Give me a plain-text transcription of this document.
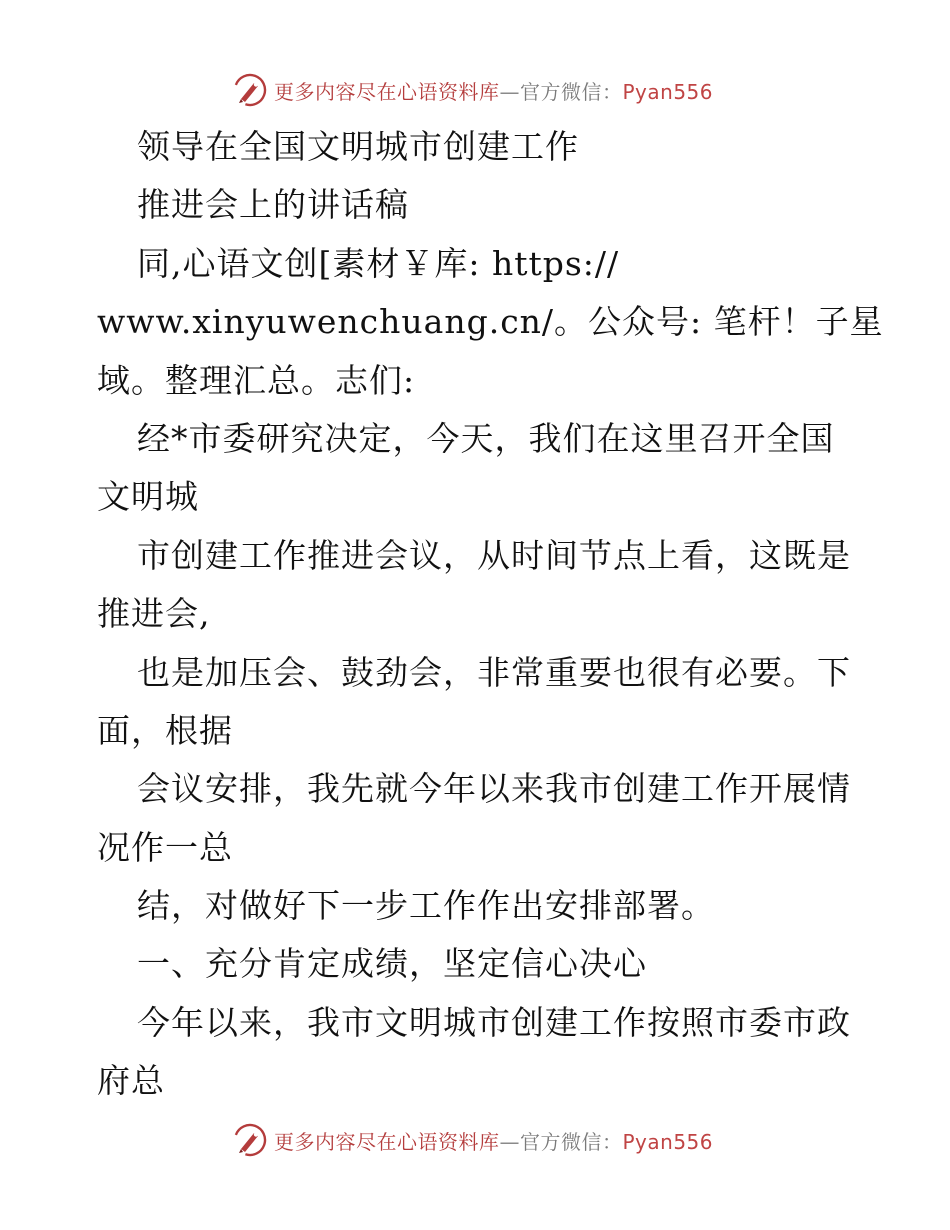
更多内容尽在心语资料库—官方微信：Pyan556
领导在全国文明城市创建工作
推进会上的讲话稿
同,心语文创[素材￥库: https://
www.xinyuwenchuang.cn/。公众号: 笔杆！子星
域。整理汇总。志们:
经*市委研究决定，今天，我们在这里召开全国
文明城
市创建工作推进会议，从时间节点上看，这既是
推进会,
也是加压会、鼓劲会，非常重要也很有必要。下
面，根据
会议安排，我先就今年以来我市创建工作开展情
况作一总
结，对做好下一步工作作出安排部署。
一、充分肯定成绩，坚定信心决心
今年以来，我市文明城市创建工作按照市委市政
府总
更多内容尽在心语资料库—官方微信：Pyan556
